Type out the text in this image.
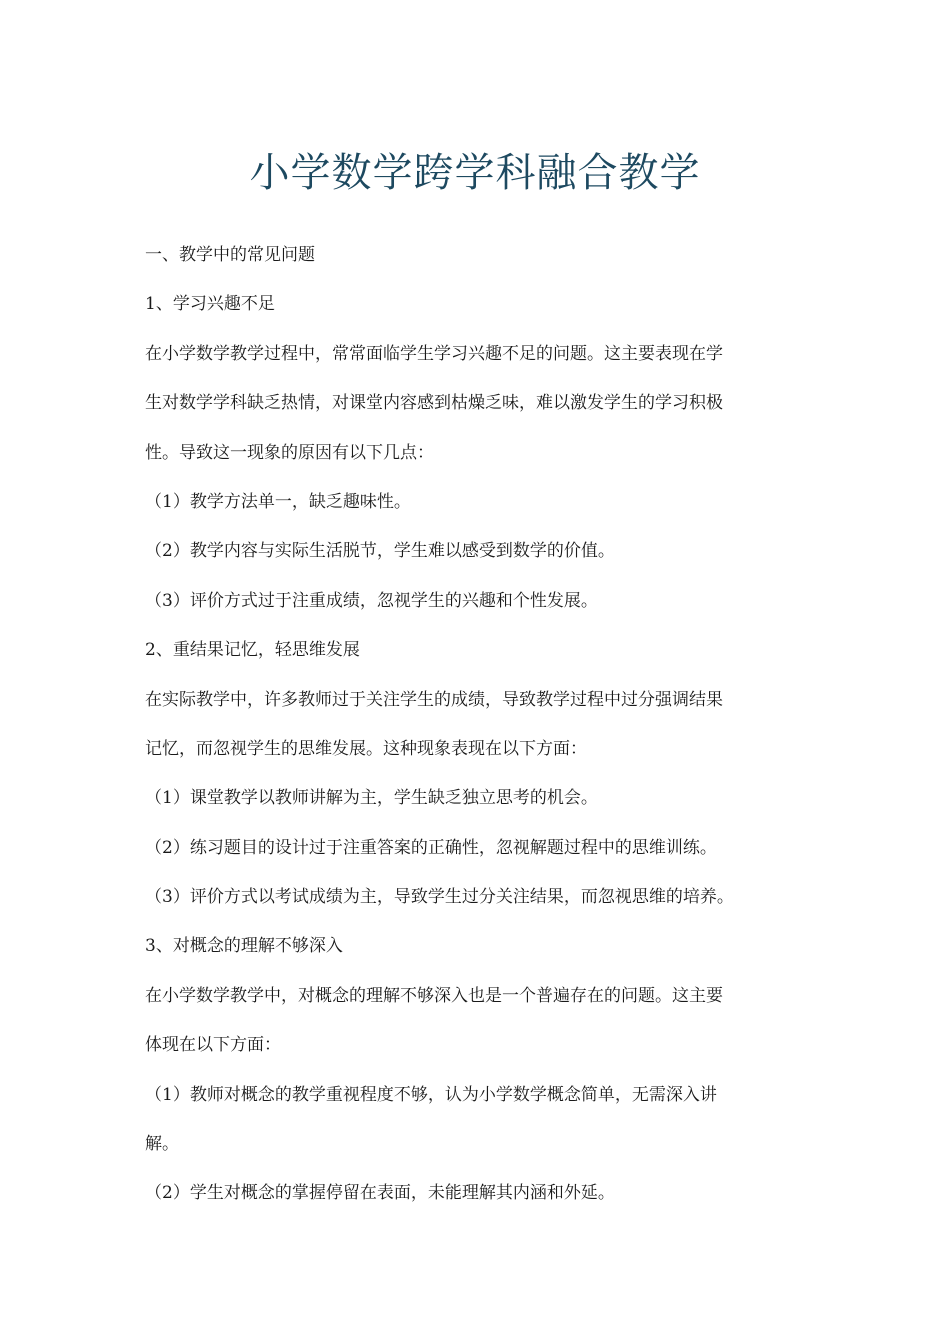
小学数学跨学科融合教学
一、教学中的常见问题
1、学习兴趣不足
在小学数学教学过程中，常常面临学生学习兴趣不足的问题。这主要表现在学
生对数学学科缺乏热情，对课堂内容感到枯燥乏味，难以激发学生的学习积极
性。导致这一现象的原因有以下几点：
（1）教学方法单一，缺乏趣味性。
（2）教学内容与实际生活脱节，学生难以感受到数学的价值。
（3）评价方式过于注重成绩，忽视学生的兴趣和个性发展。
2、重结果记忆，轻思维发展
在实际教学中，许多教师过于关注学生的成绩，导致教学过程中过分强调结果
记忆，而忽视学生的思维发展。这种现象表现在以下方面：
（1）课堂教学以教师讲解为主，学生缺乏独立思考的机会。
（2）练习题目的设计过于注重答案的正确性，忽视解题过程中的思维训练。
（3）评价方式以考试成绩为主，导致学生过分关注结果，而忽视思维的培养。
3、对概念的理解不够深入
在小学数学教学中，对概念的理解不够深入也是一个普遍存在的问题。这主要
体现在以下方面：
（1）教师对概念的教学重视程度不够，认为小学数学概念简单，无需深入讲
解。
（2）学生对概念的掌握停留在表面，未能理解其内涵和外延。
